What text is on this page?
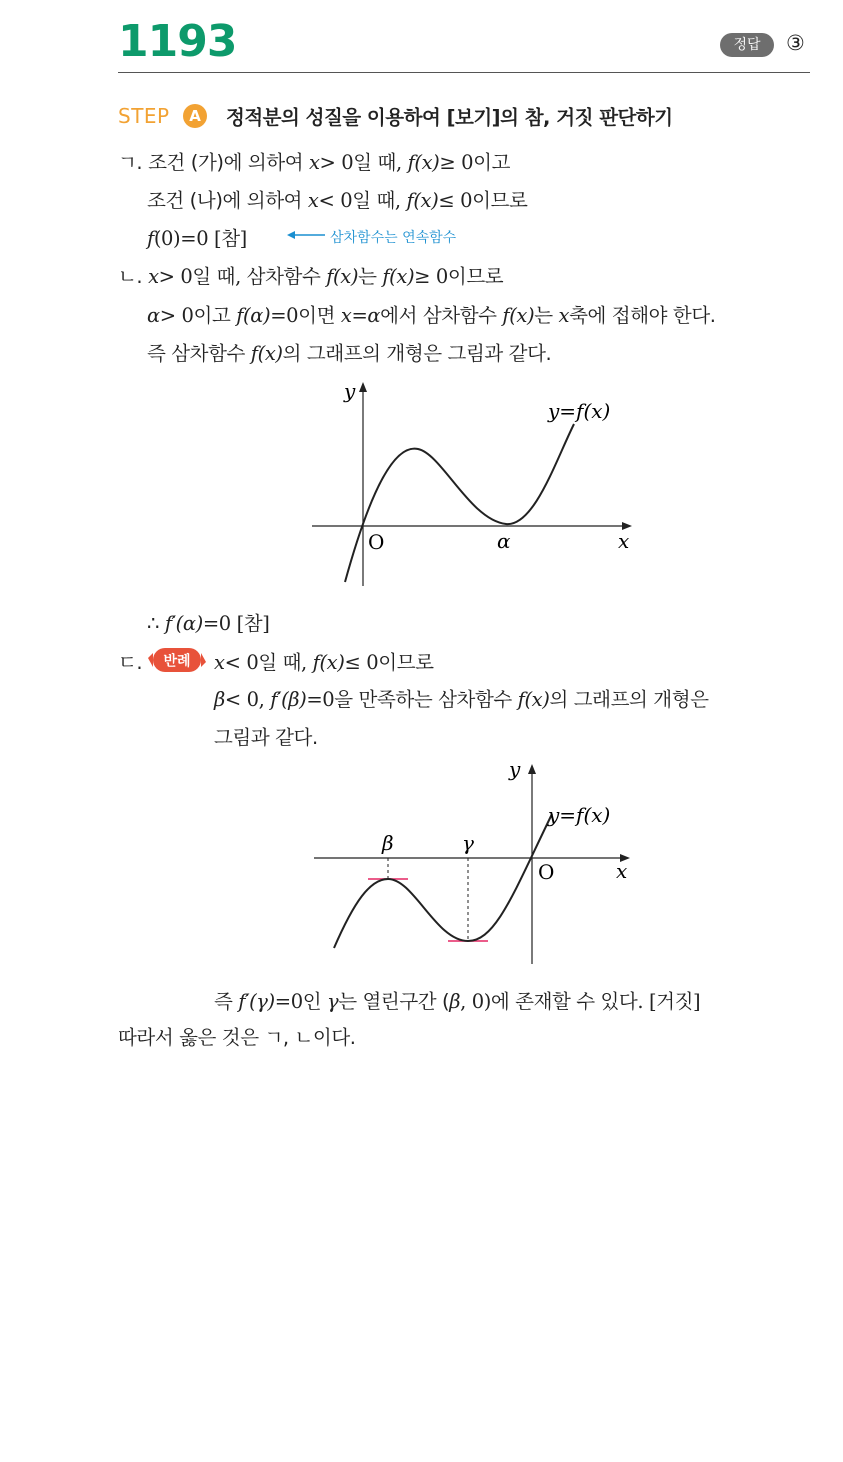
1193	정답	③
STEP	A	정적분의 성질을 이용하여 [보기]의 참, 거짓 판단하기
ㄱ. 조건 (가)에 의하여 x> 0일 때, f(x)≥ 0이고
조건 (나)에 의하여 x< 0일 때, f(x)≤ 0이므로
f(0)=0 [참]	삼차함수는 연속함수
ㄴ. x> 0일 때, 삼차함수 f(x)는 f(x)≥ 0이므로
α> 0이고 f(α)=0이면 x=α에서 삼차함수 f(x)는 x축에 접해야 한다.
즉 삼차함수 f(x)의 그래프의 개형은 그림과 같다.
y
x
O	α
y=f(x)
∴ f′(α)=0 [참]
ㄷ. 반례 x< 0일 때, f(x)≤ 0이므로
β< 0, f′(β)=0을 만족하는 삼차함수 f(x)의 그래프의 개형은
그림과 같다.
y
x
O
β	γ
y=f(x)
즉 f′(γ)=0인 γ는 열린구간 (β, 0)에 존재할 수 있다. [거짓]
따라서 옳은 것은 ㄱ, ㄴ이다.
